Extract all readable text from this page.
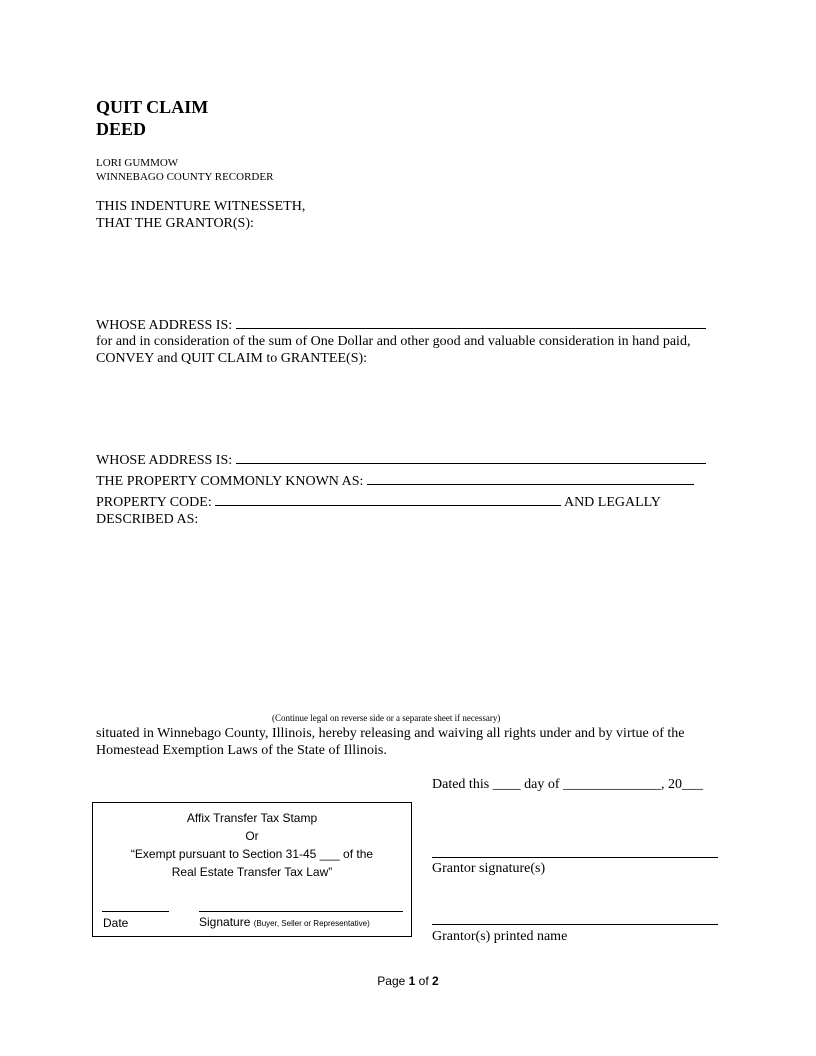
QUIT CLAIM
DEED
LORI GUMMOW
WINNEBAGO COUNTY RECORDER
THIS INDENTURE WITNESSETH,
THAT THE GRANTOR(S):
WHOSE ADDRESS IS:
for and in consideration of the sum of One Dollar and other good and valuable consideration in hand paid,
CONVEY and QUIT CLAIM to GRANTEE(S):
WHOSE ADDRESS IS:
THE PROPERTY COMMONLY KNOWN AS:
PROPERTY CODE:	AND LEGALLY
DESCRIBED AS:
(Continue legal on reverse side or a separate sheet if necessary)
situated in Winnebago County, Illinois, hereby releasing and waiving all rights under and by virtue of the
Homestead Exemption Laws of the State of Illinois.
Dated this ____ day of ______________, 20___
Affix Transfer Tax Stamp
Or
“Exempt pursuant to Section 31-45 ___ of the
Real Estate Transfer Tax Law”
Date	Signature (Buyer, Seller or Representative)
Grantor signature(s)
Grantor(s) printed name
Page 1 of 2
